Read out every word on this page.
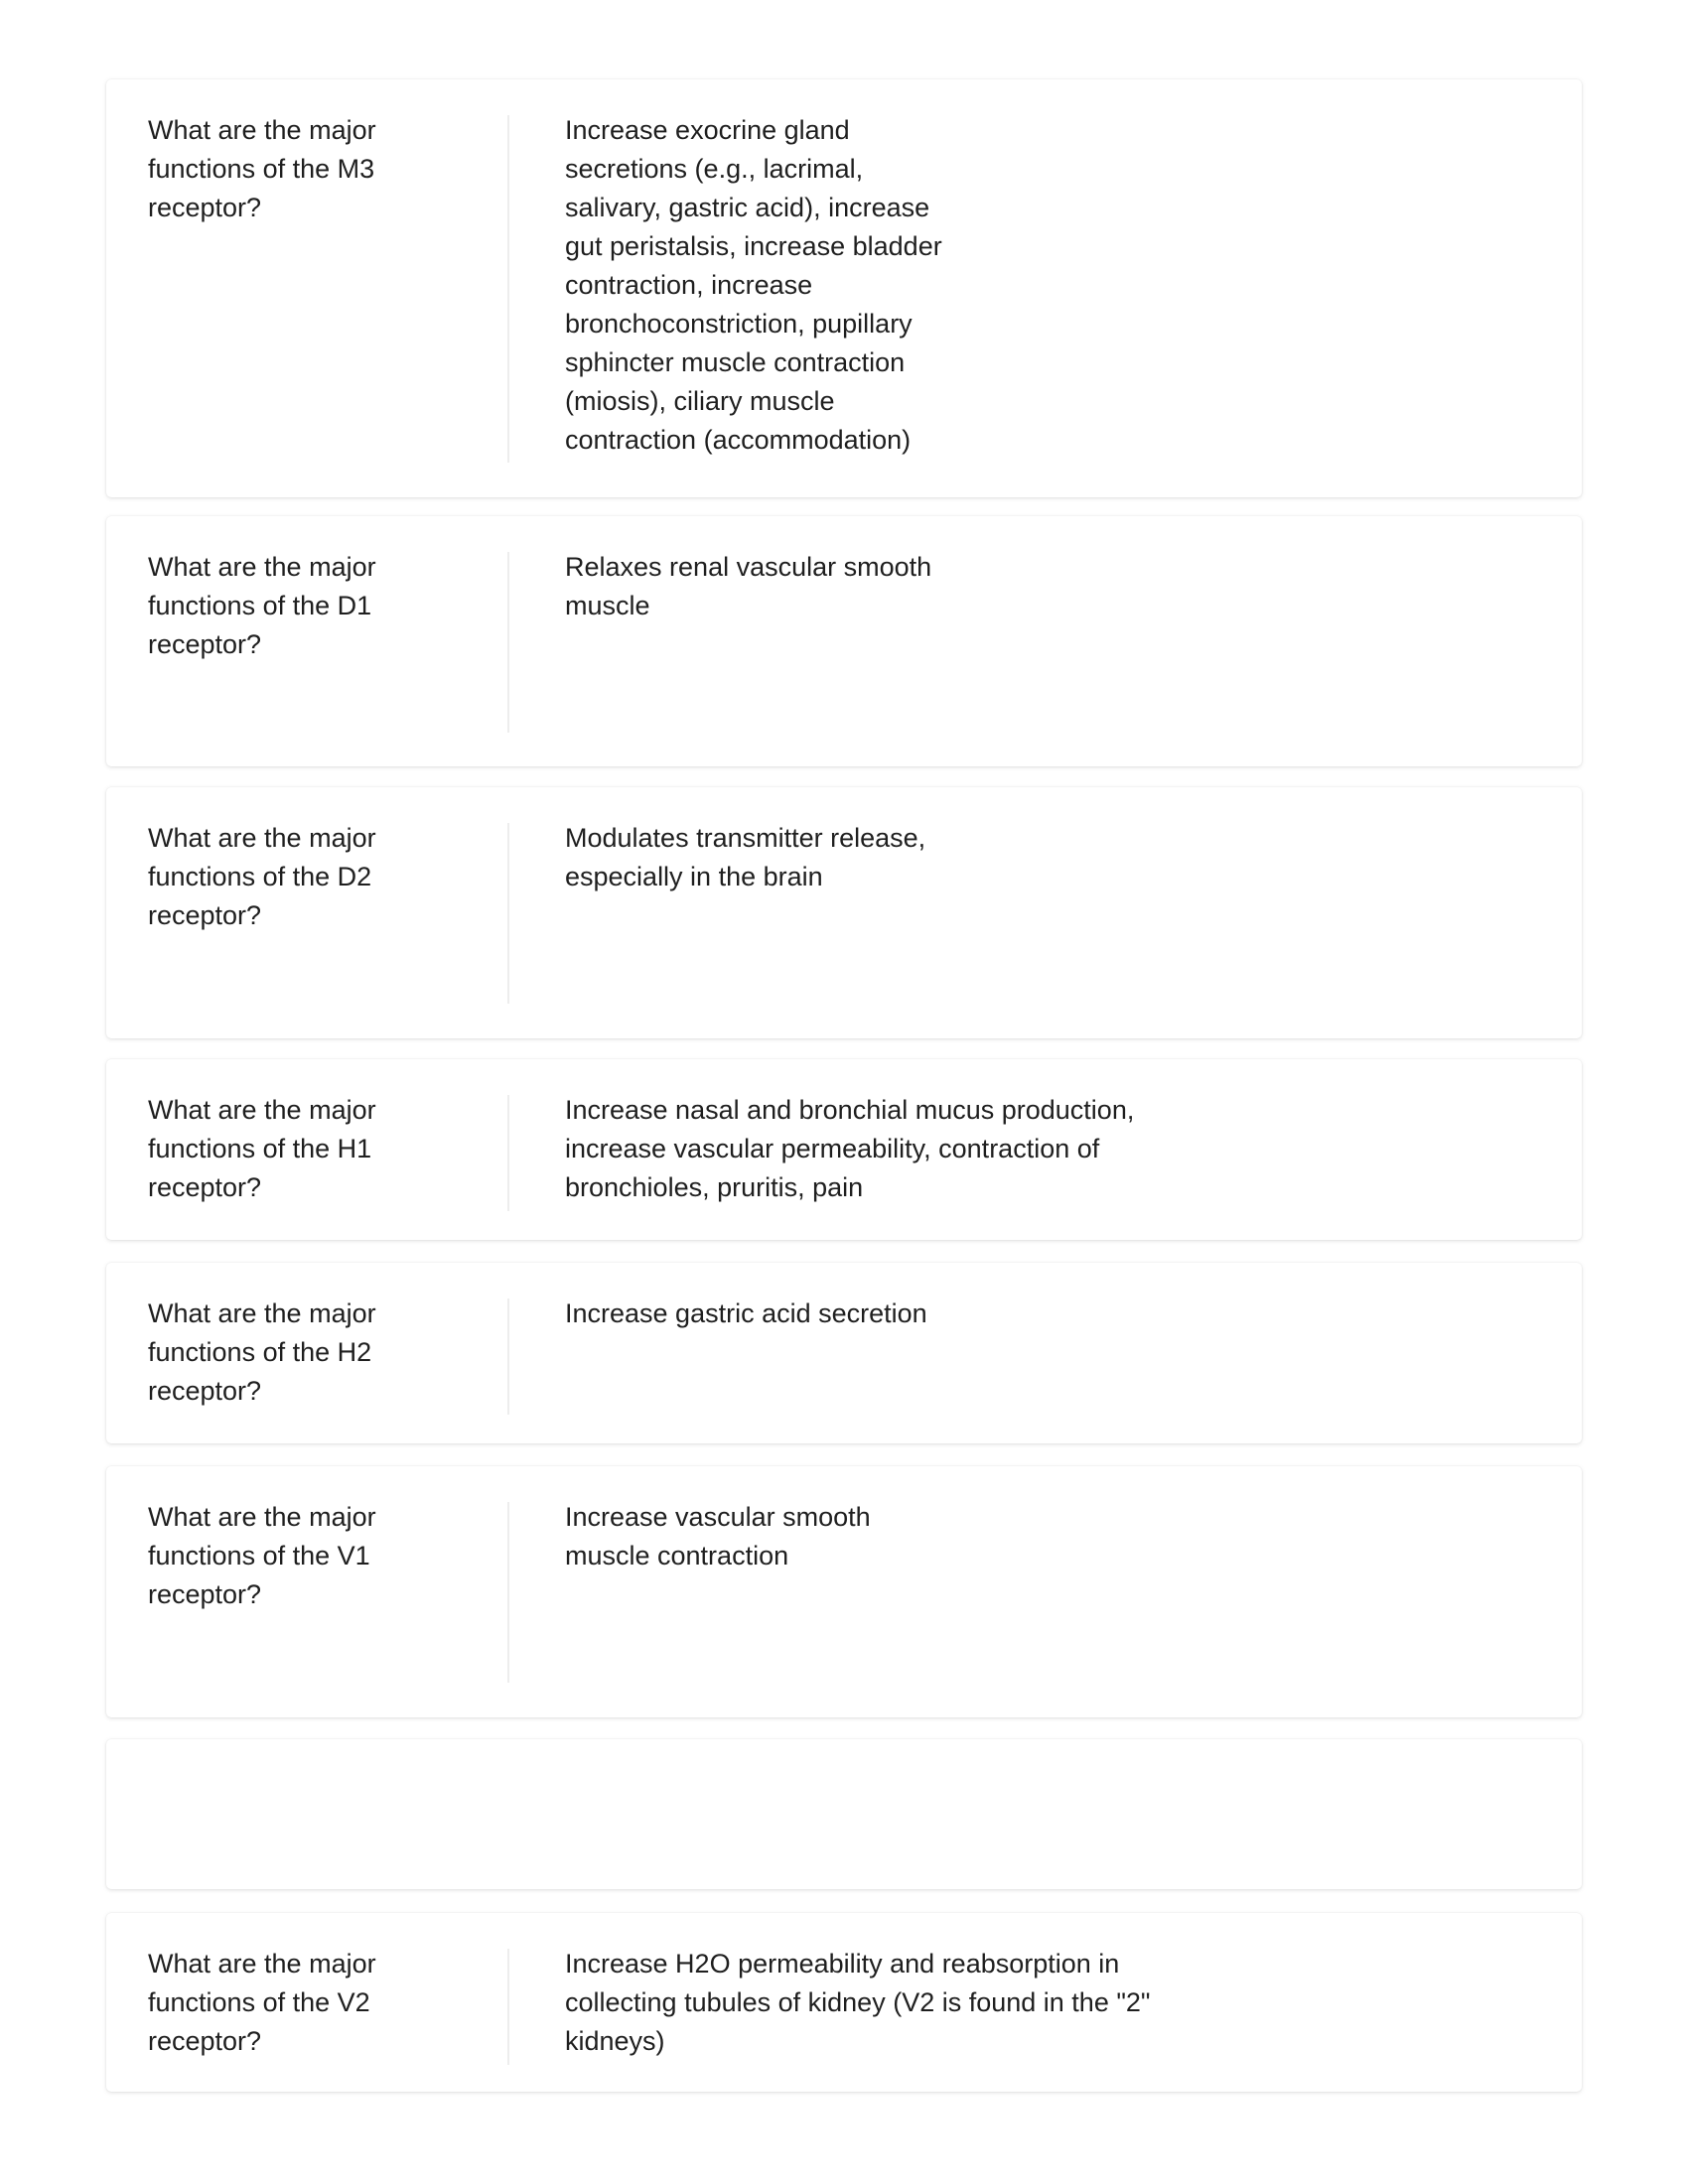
What are the major
functions of the M3
receptor?
Increase exocrine gland
secretions (e.g., lacrimal,
salivary, gastric acid), increase
gut peristalsis, increase bladder
contraction, increase
bronchoconstriction, pupillary
sphincter muscle contraction
(miosis), ciliary muscle
contraction (accommodation)
What are the major
functions of the D1
receptor?
Relaxes renal vascular smooth
muscle
What are the major
functions of the D2
receptor?
Modulates transmitter release,
especially in the brain
What are the major
functions of the H1
receptor?
Increase nasal and bronchial mucus production,
increase vascular permeability, contraction of
bronchioles, pruritis, pain
What are the major
functions of the H2
receptor?
Increase gastric acid secretion
What are the major
functions of the V1
receptor?
Increase vascular smooth
muscle contraction
What are the major
functions of the V2
receptor?
Increase H2O permeability and reabsorption in
collecting tubules of kidney (V2 is found in the "2"
kidneys)
